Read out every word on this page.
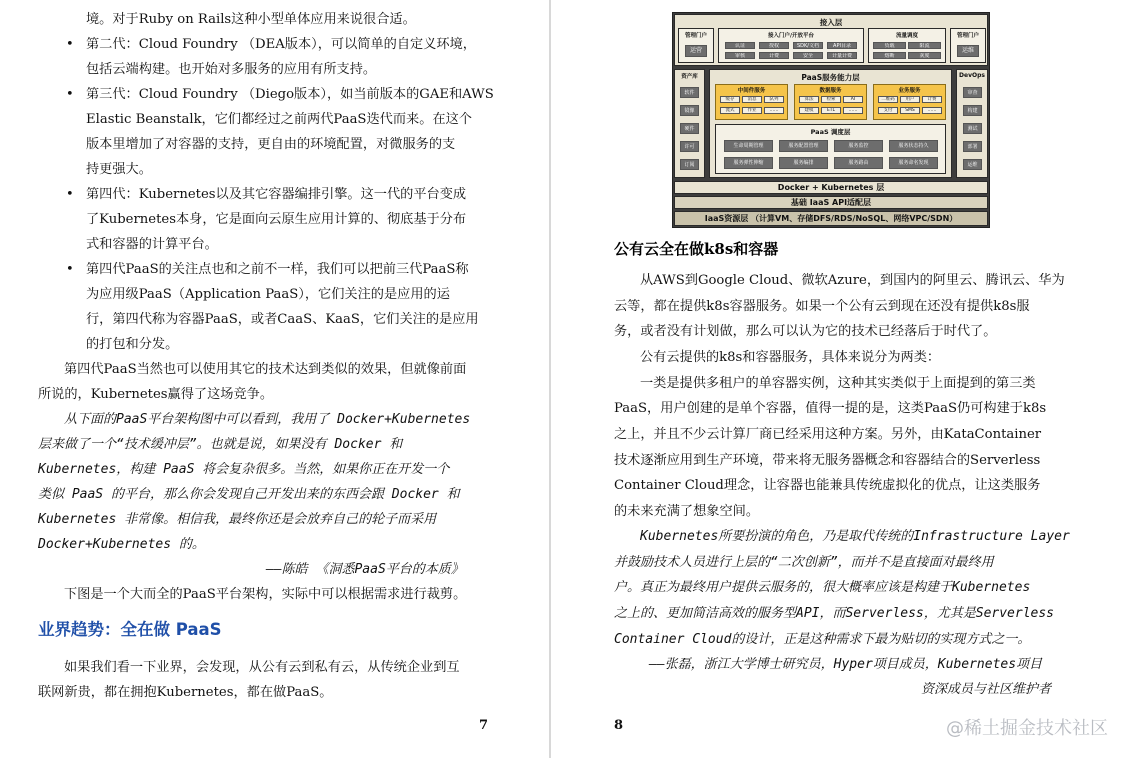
境。对于Ruby on Rails这种小型单体应用来说很合适。
• 第二代：Cloud Foundry （DEA版本），可以简单的自定义环境，
包括云端构建。也开始对多服务的应用有所支持。
• 第三代：Cloud Foundry （Diego版本），如当前版本的GAE和AWS
Elastic Beanstalk，它们都经过之前两代PaaS迭代而来。在这个
版本里增加了对容器的支持，更自由的环境配置，对微服务的支
持更强大。
• 第四代：Kubernetes以及其它容器编排引擎。这一代的平台变成
了Kubernetes本身，它是面向云原生应用计算的、彻底基于分布
式和容器的计算平台。
• 第四代PaaS的关注点也和之前不一样，我们可以把前三代PaaS称
为应用级PaaS（Application PaaS），它们关注的是应用的运
行，第四代称为容器PaaS，或者CaaS、KaaS，它们关注的是应用
的打包和分发。
第四代PaaS当然也可以使用其它的技术达到类似的效果，但就像前面
所说的，Kubernetes赢得了这场竞争。
从下面的PaaS平台架构图中可以看到，我用了 Docker+Kubernetes
层来做了一个“技术缓冲层”。也就是说，如果没有 Docker 和
Kubernetes，构建 PaaS 将会复杂很多。当然，如果你正在开发一个
类似 PaaS 的平台，那么你会发现自己开发出来的东西会跟 Docker 和
Kubernetes 非常像。相信我，最终你还是会放弃自己的轮子而采用
Docker+Kubernetes 的。
——陈皓 《洞悉PaaS平台的本质》
下图是一个大而全的PaaS平台架构，实际中可以根据需求进行裁剪。
业界趋势：全在做 PaaS
如果我们看一下业界，会发现，从公有云到私有云，从传统企业到互
联网新贵，都在拥抱Kubernetes，都在做PaaS。
7
公有云全在做k8s和容器
从AWS到Google Cloud、微软Azure，到国内的阿里云、腾讯云、华为
云等，都在提供k8s容器服务。如果一个公有云到现在还没有提供k8s服
务，或者没有计划做，那么可以认为它的技术已经落后于时代了。
公有云提供的k8s和容器服务，具体来说分为两类：
一类是提供多租户的单容器实例，这种其实类似于上面提到的第三类
PaaS，用户创建的是单个容器，值得一提的是，这类PaaS仍可构建于k8s
之上，并且不少云计算厂商已经采用这种方案。另外，由KataContainer
技术逐渐应用到生产环境，带来将无服务器概念和容器结合的Serverless
Container Cloud理念，让容器也能兼具传统虚拟化的优点，让这类服务
的未来充满了想象空间。
Kubernetes所要扮演的角色，乃是取代传统的Infrastructure Layer
并鼓励技术人员进行上层的“二次创新”，而并不是直接面对最终用
户。真正为最终用户提供云服务的，很大概率应该是构建于Kubernetes
之上的、更加简洁高效的服务型API，而Serverless，尤其是Serverless
Container Cloud的设计，正是这种需求下最为贴切的实现方式之一。
——张磊，浙江大学博士研究员，Hyper项目成员，Kubernetes项目
资深成员与社区维护者
8
接入层
管理门户
运营
接入门户/开放平台
认证	授权	SDK/文档	API目录
审核	计费	安全	计量计费
流量调度
负载	限流
熔断	灰度
管理门户
运维
资产库
软件
镜像
硬件
许可
订阅
PaaS服务能力层
中间件服务
缓存	消息	队列
流式	作业	……
数据服务
算法	检索	AI
建模	ETL	……
业务服务
二维码	用户	计费
支付	SMS	……
PaaS 调度层
生命周期管理	服务配置管理	服务监控	服务状态持久
服务弹性伸缩	服务编排	服务路由	服务命名发现
DevOps
审查
构建
测试
部署
运维
Docker + Kubernetes 层
基础 IaaS API适配层
IaaS资源层 （计算VM、存储DFS/RDS/NoSQL、网络VPC/SDN）
@稀土掘金技术社区
